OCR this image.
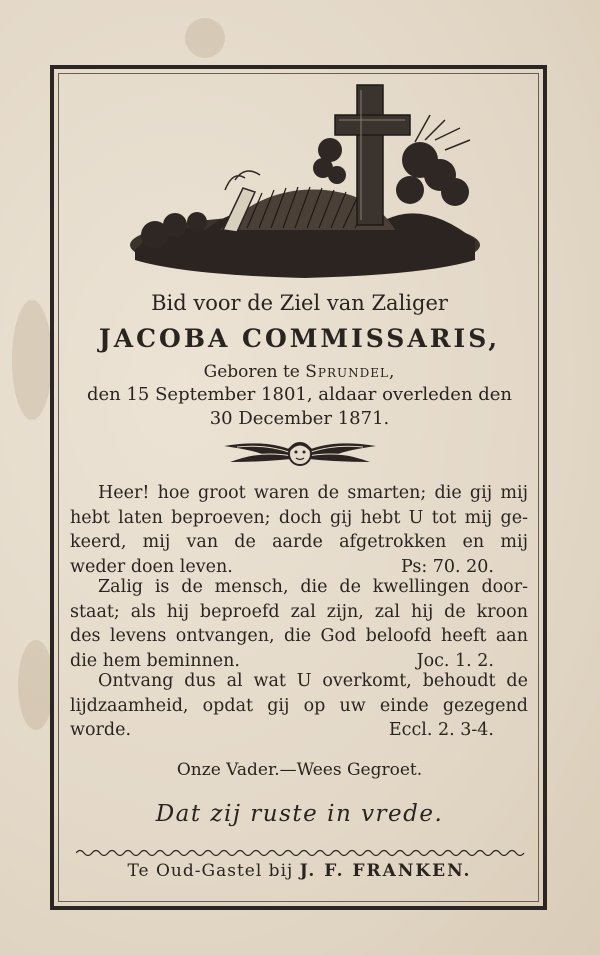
Bid voor de Ziel van Zaliger
JACOBA COMMISSARIS,
Geboren te Sprundel,
den 15 September 1801, aldaar overleden den
30 December 1871.
Heer! hoe groot waren de smarten; die gij mij
hebt laten beproeven; doch gij hebt U tot mij ge-
keerd, mij van de aarde afgetrokken en mij
weder doen leven.	Ps: 70. 20.
Zalig is de mensch, die de kwellingen door-
staat; als hij beproefd zal zijn, zal hij de kroon
des levens ontvangen, die God beloofd heeft aan
die hem beminnen.	Joc. 1. 2.
Ontvang dus al wat U overkomt, behoudt de
lijdzaamheid, opdat gij op uw einde gezegend
worde.	Eccl. 2. 3-4.
Onze Vader.—Wees Gegroet.
Dat zij ruste in vrede.
Te Oud-Gastel bij J. F. FRANKEN.
